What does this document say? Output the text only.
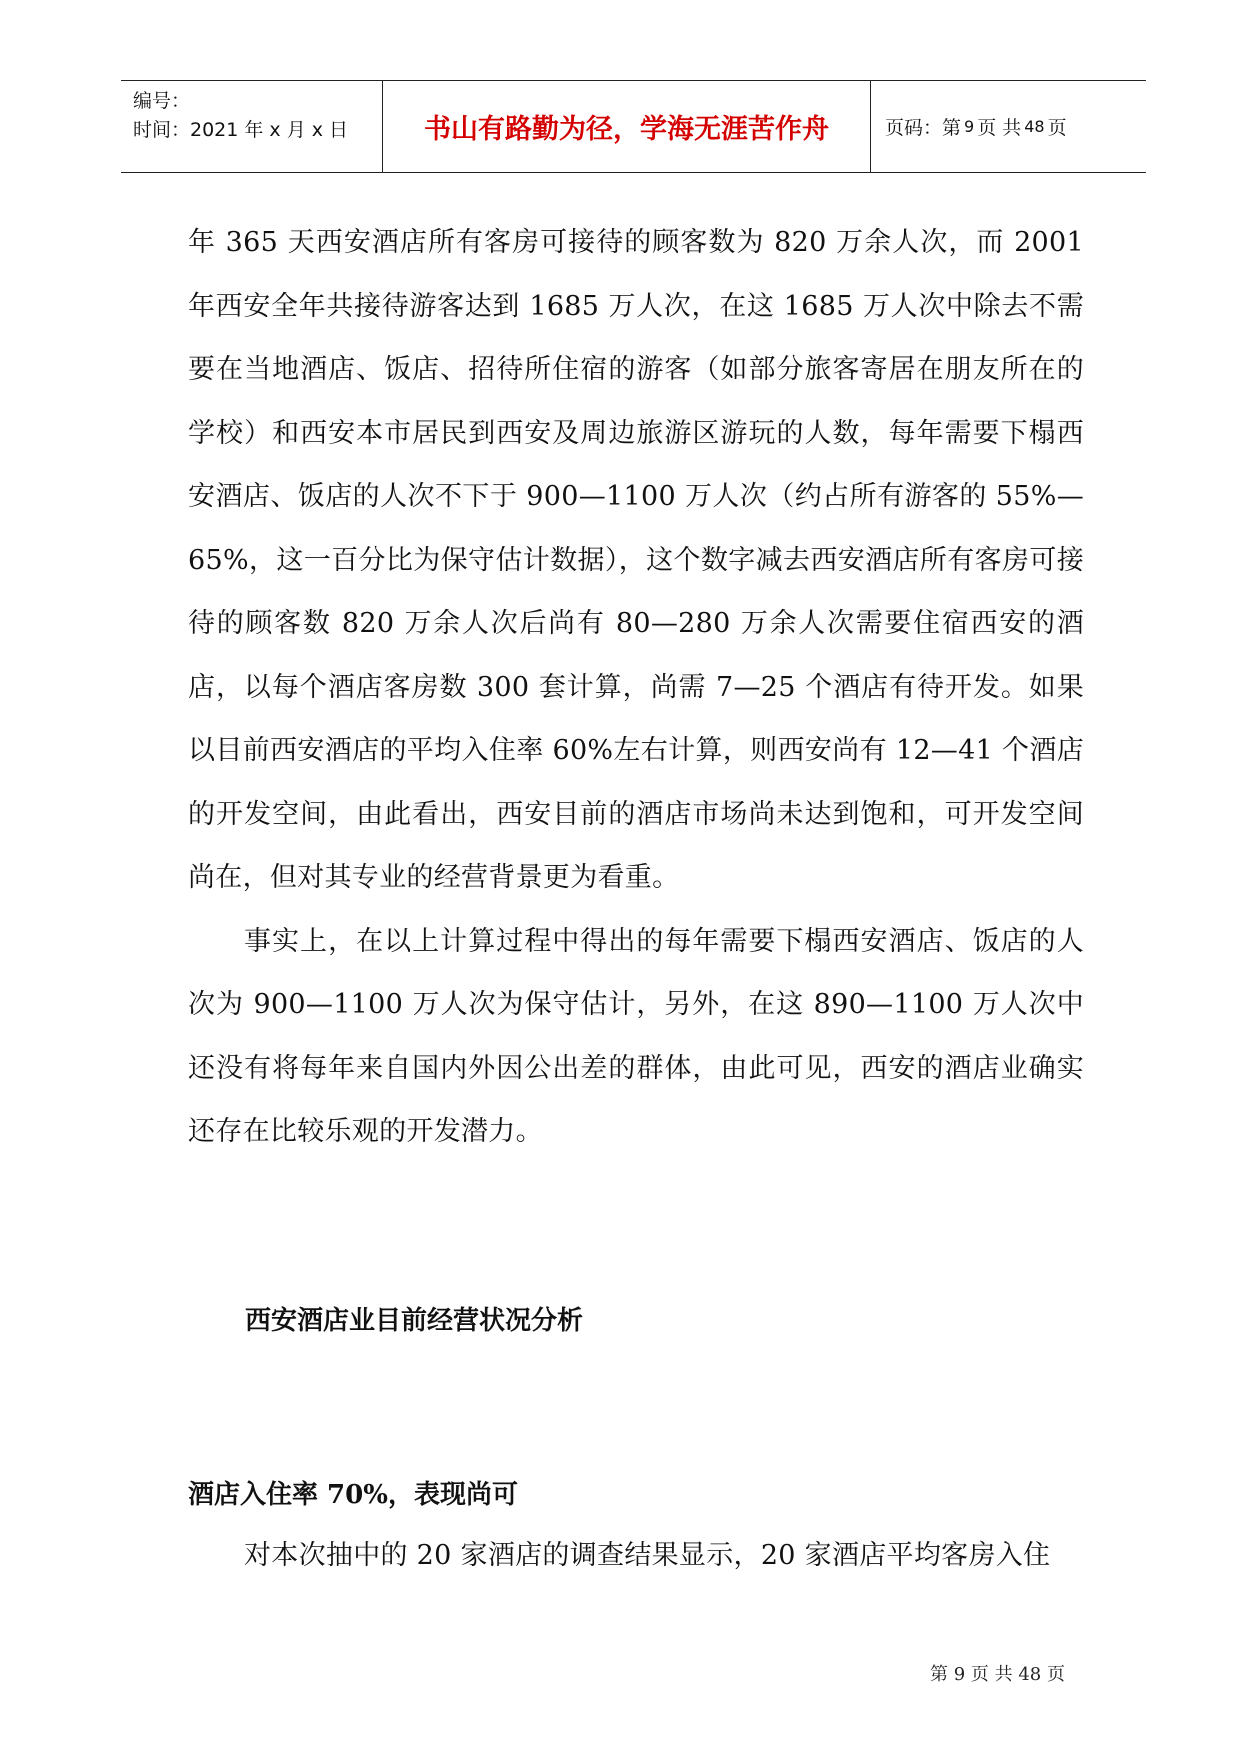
编号：
时间：2021 年 x 月 x 日	书山有路勤为径，学海无涯苦作舟	页码：第 9 页 共 48 页

年 365 天西安酒店所有客房可接待的顾客数为 820 万余人次，而 2001 年西安全年共接待游客达到 1685 万人次，在这 1685 万人次中除去不需要在当地酒店、饭店、招待所住宿的游客（如部分旅客寄居在朋友所在的学校）和西安本市居民到西安及周边旅游区游玩的人数，每年需要下榻西安酒店、饭店的人次不下于 900—1100 万人次（约占所有游客的 55%—65%，这一百分比为保守估计数据），这个数字减去西安酒店所有客房可接待的顾客数 820 万余人次后尚有 80—280 万余人次需要住宿西安的酒店，以每个酒店客房数 300 套计算，尚需 7—25 个酒店有待开发。如果以目前西安酒店的平均入住率 60%左右计算，则西安尚有 12—41 个酒店的开发空间，由此看出，西安目前的酒店市场尚未达到饱和，可开发空间尚在，但对其专业的经营背景更为看重。

事实上，在以上计算过程中得出的每年需要下榻西安酒店、饭店的人次为 900—1100 万人次为保守估计，另外，在这 890—1100 万人次中还没有将每年来自国内外因公出差的群体，由此可见，西安的酒店业确实还存在比较乐观的开发潜力。

西安酒店业目前经营状况分析
酒店入住率 70%，表现尚可

对本次抽中的 20 家酒店的调查结果显示，20 家酒店平均客房入住

第 9 页 共 48 页
